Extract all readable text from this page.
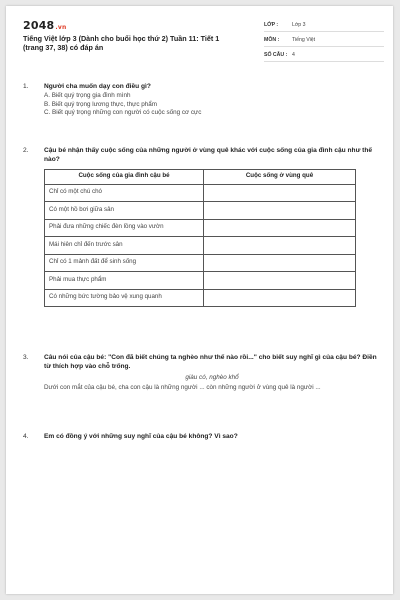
2048.vn
Tiếng Việt lớp 3 (Dành cho buổi học thứ 2) Tuần 11: Tiết 1 (trang 37, 38) có đáp án
LỚP :	Lớp 3
MÔN : Tiếng Việt
SỐ CÂU : 4
1.	Người cha muốn dạy con điều gì?
A. Biết quý trọng gia đình mình
B. Biết quý trọng lương thực, thực phẩm
C. Biết quý trọng những con người có cuộc sống cơ cực
2.	Cậu bé nhận thấy cuộc sống của những người ở vùng quê khác với cuộc sống của gia đình cậu như thế nào?
Cuộc sống của gia đình cậu bé	Cuộc sống ở vùng quê
Chỉ có một chú chó	
Có một hồ bơi giữa sân	
Phải đưa những chiếc đèn lồng vào vườn	
Mái hiên chỉ đến trước sân	
Chỉ có 1 mảnh đất để sinh sống	
Phải mua thực phẩm	
Có những bức tường bảo vệ xung quanh	
3.	Câu nói của cậu bé: "Con đã biết chúng ta nghèo như thế nào rồi..." cho biết suy nghĩ gì của cậu bé? Điền từ thích hợp vào chỗ trống.
giàu có, nghèo khổ
Dưới con mắt của cậu bé, cha con cậu là những người ... còn những người ở vùng quê là người ...
4.	Em có đồng ý với những suy nghĩ của cậu bé không? Vì sao?
